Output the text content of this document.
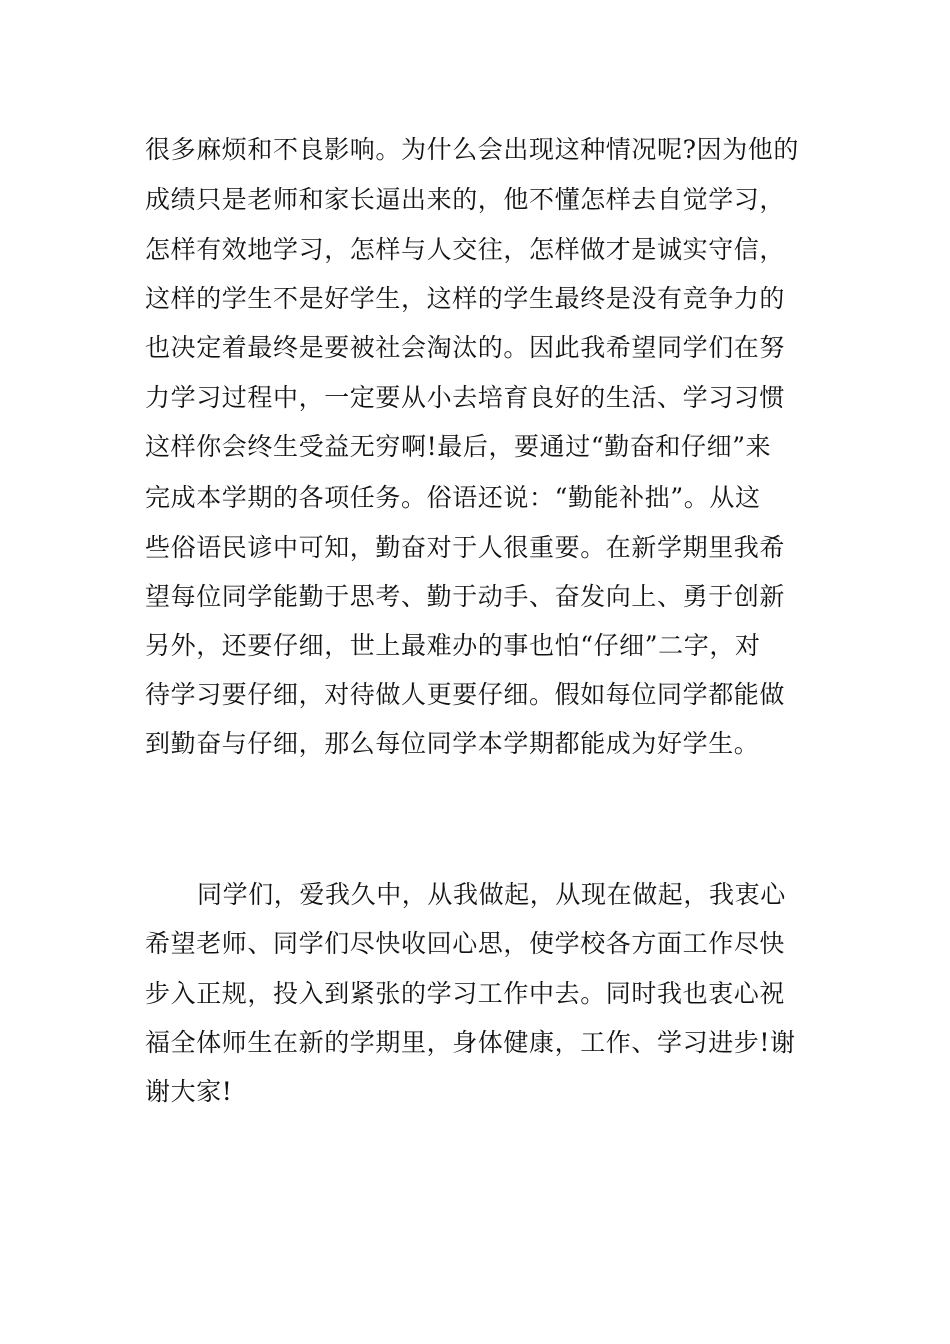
很多麻烦和不良影响。为什么会出现这种情况呢?因为他的
成绩只是老师和家长逼出来的，他不懂怎样去自觉学习，
怎样有效地学习，怎样与人交往，怎样做才是诚实守信，
这样的学生不是好学生，这样的学生最终是没有竞争力的
也决定着最终是要被社会淘汰的。因此我希望同学们在努
力学习过程中，一定要从小去培育良好的生活、学习习惯
这样你会终生受益无穷啊!最后，要通过“勤奋和仔细”来
完成本学期的各项任务。俗语还说：“勤能补拙”。从这
些俗语民谚中可知，勤奋对于人很重要。在新学期里我希
望每位同学能勤于思考、勤于动手、奋发向上、勇于创新
另外，还要仔细，世上最难办的事也怕“仔细”二字，对
待学习要仔细，对待做人更要仔细。假如每位同学都能做
到勤奋与仔细，那么每位同学本学期都能成为好学生。
同学们，爱我久中，从我做起，从现在做起，我衷心
希望老师、同学们尽快收回心思，使学校各方面工作尽快
步入正规，投入到紧张的学习工作中去。同时我也衷心祝
福全体师生在新的学期里，身体健康，工作、学习进步!谢
谢大家!
